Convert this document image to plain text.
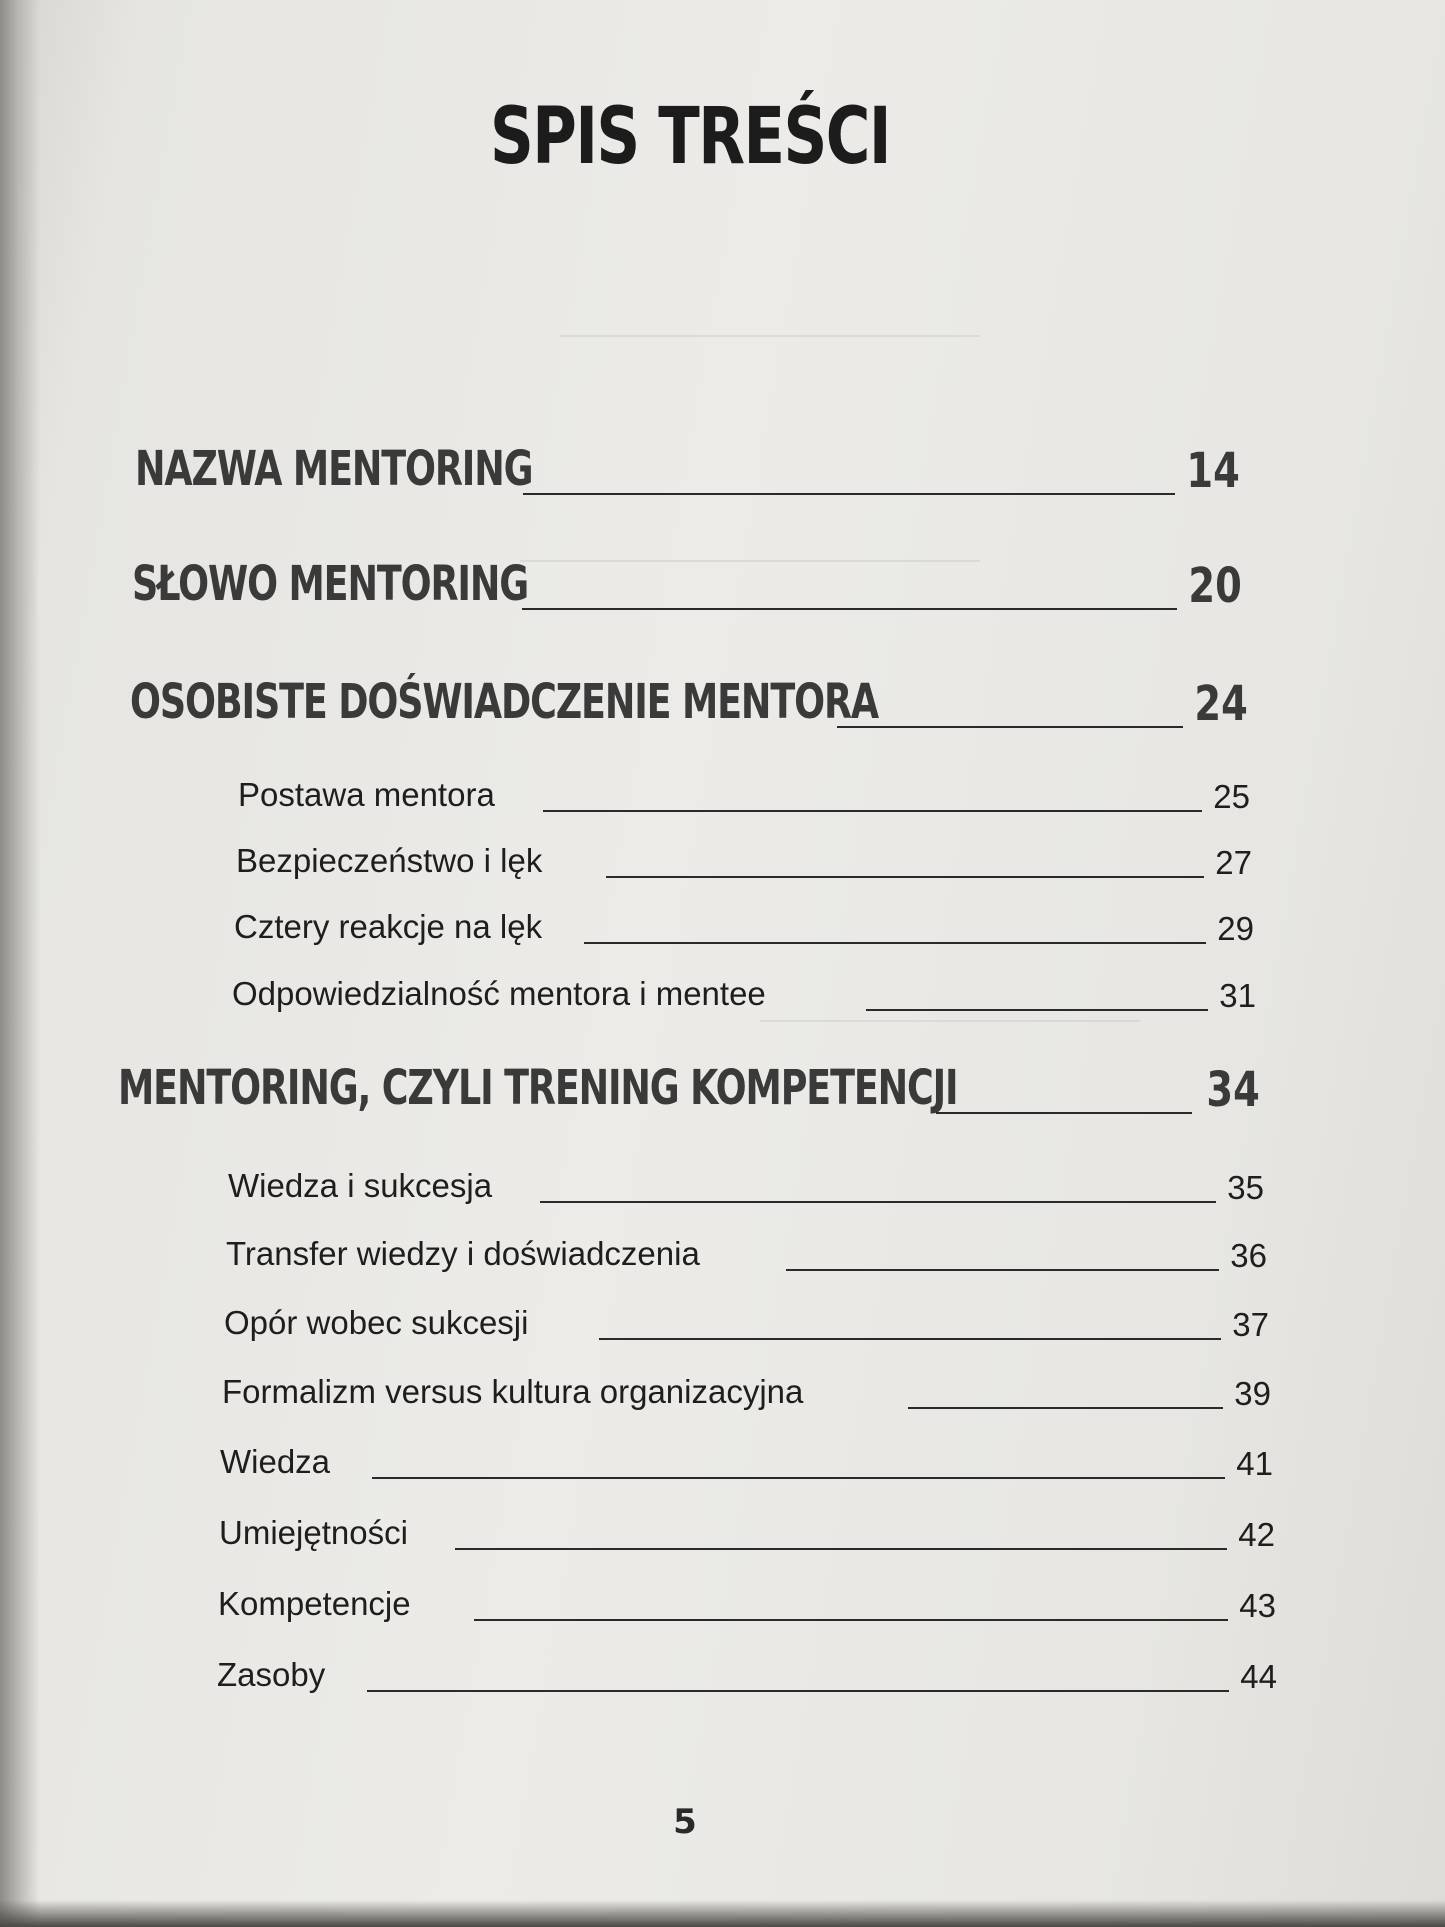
SPIS TREŚCI
NAZWA MENTORING	14
SŁOWO MENTORING	20
OSOBISTE DOŚWIADCZENIE MENTORA	24
Postawa mentora	25
Bezpieczeństwo i lęk	27
Cztery reakcje na lęk	29
Odpowiedzialność mentora i mentee	31
MENTORING, CZYLI TRENING KOMPETENCJI	34
Wiedza i sukcesja	35
Transfer wiedzy i doświadczenia	36
Opór wobec sukcesji	37
Formalizm versus kultura organizacyjna	39
Wiedza	41
Umiejętności	42
Kompetencje	43
Zasoby	44
5
